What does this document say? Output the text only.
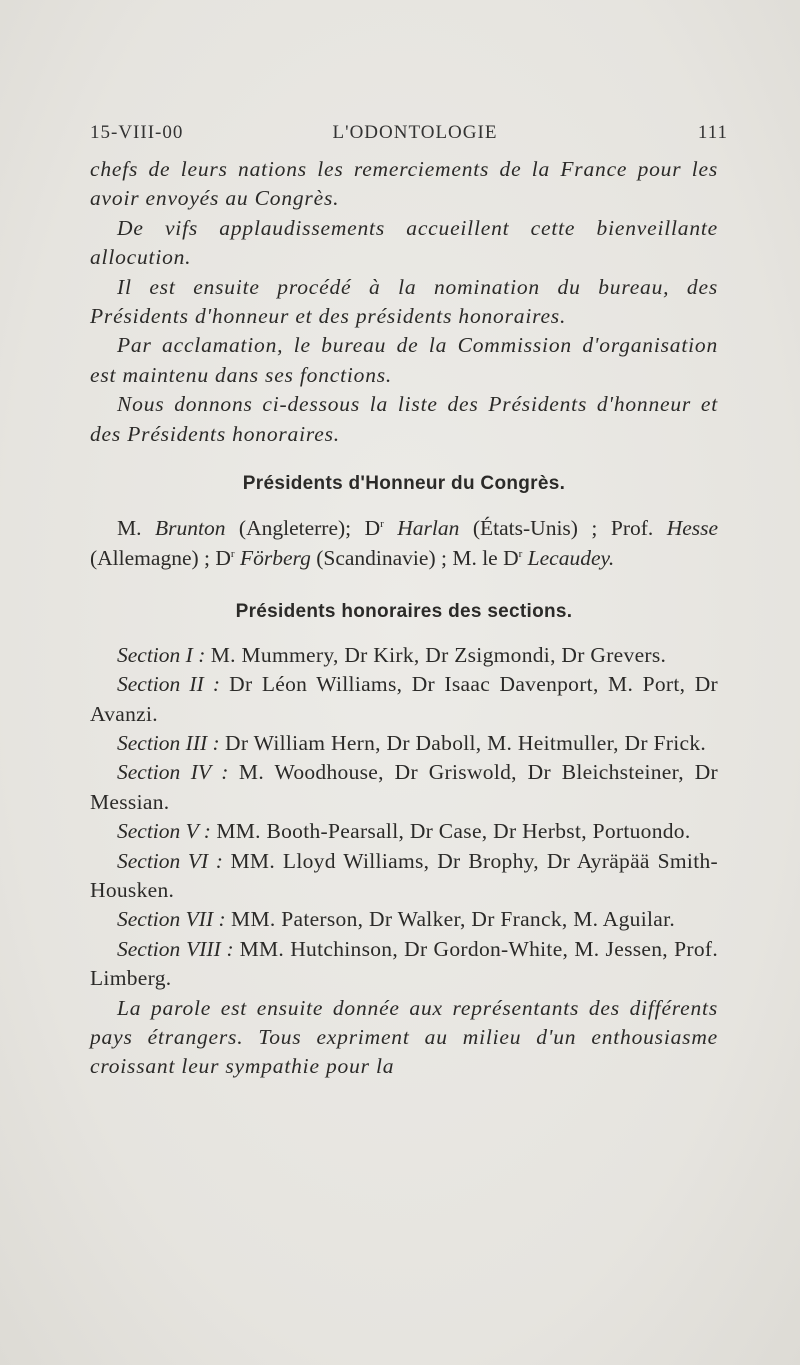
15-VIII-00	L'ODONTOLOGIE	111

chefs de leurs nations les remerciements de la France pour les avoir envoyés au Congrès.

De vifs applaudissements accueillent cette bienveillante allocution.

Il est ensuite procédé à la nomination du bureau, des Présidents d'honneur et des présidents honoraires.

Par acclamation, le bureau de la Commission d'organisation est maintenu dans ses fonctions.

Nous donnons ci-dessous la liste des Présidents d'honneur et des Présidents honoraires.

Présidents d'Honneur du Congrès.

M. Brunton (Angleterre); $D^r$ Harlan (États-Unis) ; Prof. Hesse (Allemagne) ; $D^r$ Förberg (Scandinavie) ; M. le $D^r$ Lecaudey.

Présidents honoraires des sections.

Section I : M. Mummery, Dr Kirk, Dr Zsigmondi, Dr Grevers.

Section II : Dr Léon Williams, Dr Isaac Davenport, M. Port, Dr Avanzi.

Section III : Dr William Hern, Dr Daboll, M. Heitmuller, Dr Frick.

Section IV : M. Woodhouse, Dr Griswold, Dr Bleichsteiner, Dr Messian.

Section V : MM. Booth-Pearsall, Dr Case, Dr Herbst, Portuondo.

Section VI : MM. Lloyd Williams, Dr Brophy, Dr Ayräpää Smith-Housken.

Section VII : MM. Paterson, Dr Walker, Dr Franck, M. Aguilar.

Section VIII : MM. Hutchinson, Dr Gordon-White, M. Jessen, Prof. Limberg.

La parole est ensuite donnée aux représentants des différents pays étrangers. Tous expriment au milieu d'un enthousiasme croissant leur sympathie pour la
